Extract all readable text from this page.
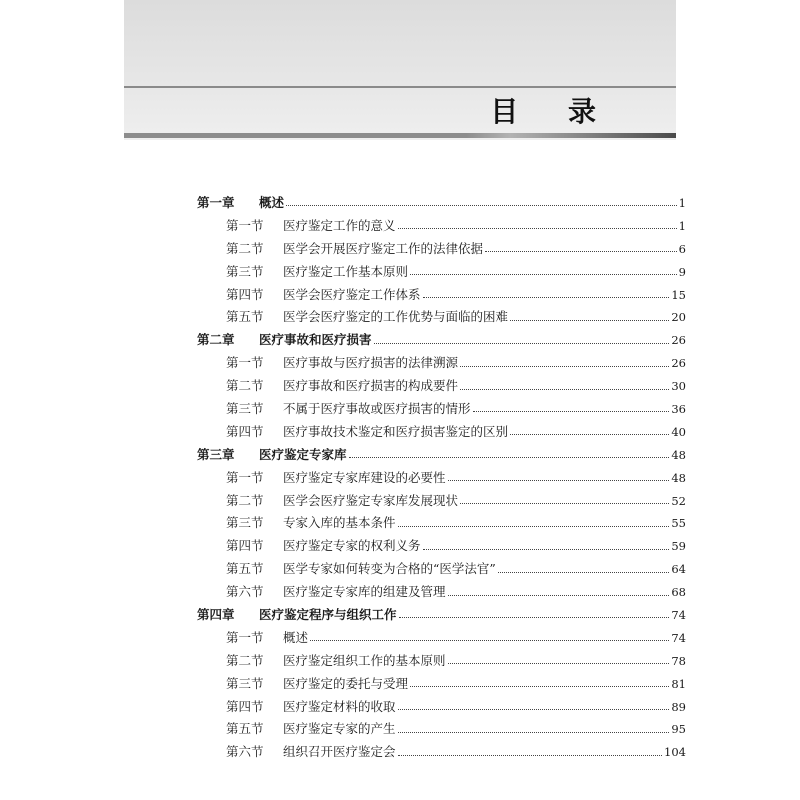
目 录
第一章 概述	1
第一节 医疗鉴定工作的意义	1
第二节 医学会开展医疗鉴定工作的法律依据	6
第三节 医疗鉴定工作基本原则	9
第四节 医学会医疗鉴定工作体系	15
第五节 医学会医疗鉴定的工作优势与面临的困难	20
第二章 医疗事故和医疗损害	26
第一节 医疗事故与医疗损害的法律溯源	26
第二节 医疗事故和医疗损害的构成要件	30
第三节 不属于医疗事故或医疗损害的情形	36
第四节 医疗事故技术鉴定和医疗损害鉴定的区别	40
第三章 医疗鉴定专家库	48
第一节 医疗鉴定专家库建设的必要性	48
第二节 医学会医疗鉴定专家库发展现状	52
第三节 专家入库的基本条件	55
第四节 医疗鉴定专家的权利义务	59
第五节 医学专家如何转变为合格的“医学法官”	64
第六节 医疗鉴定专家库的组建及管理	68
第四章 医疗鉴定程序与组织工作	74
第一节 概述	74
第二节 医疗鉴定组织工作的基本原则	78
第三节 医疗鉴定的委托与受理	81
第四节 医疗鉴定材料的收取	89
第五节 医疗鉴定专家的产生	95
第六节 组织召开医疗鉴定会	104
